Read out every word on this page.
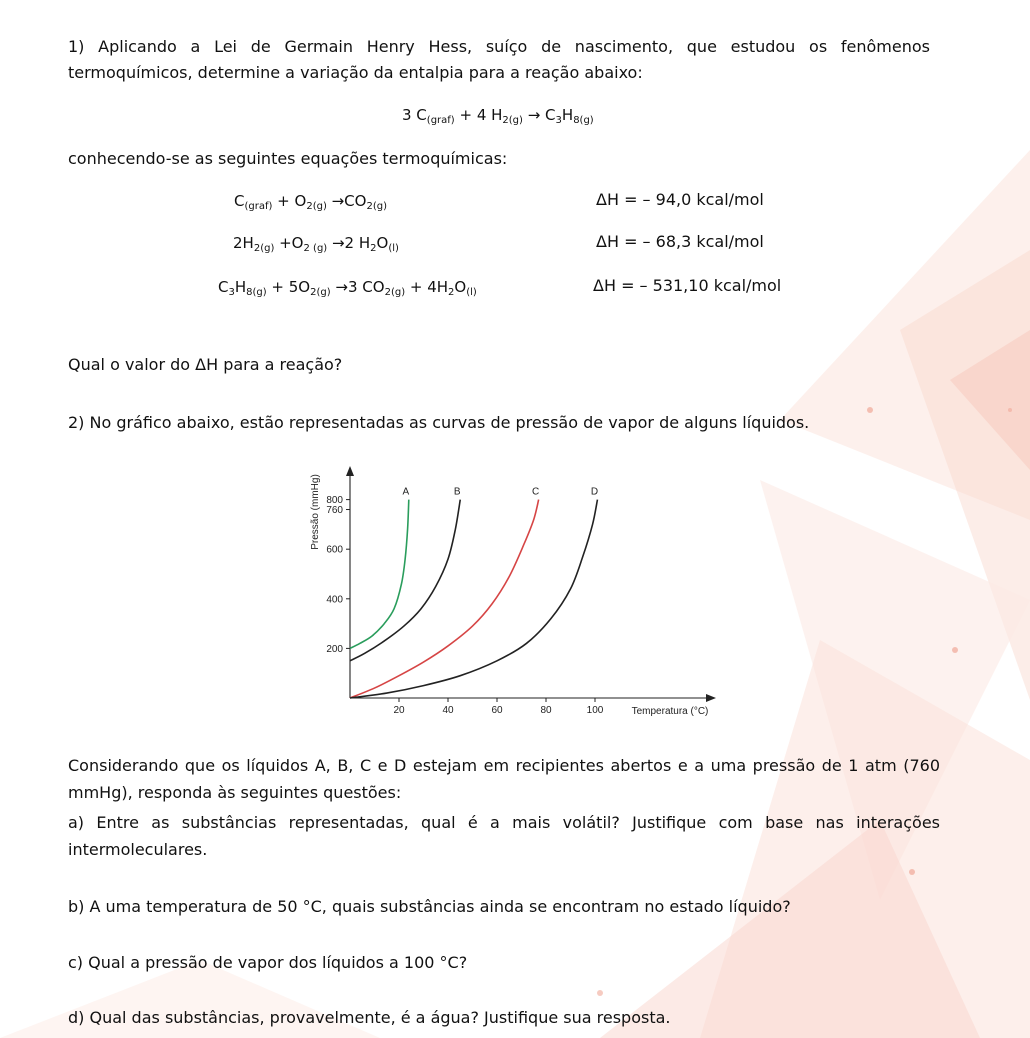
1) Aplicando a Lei de Germain Henry Hess, suíço de nascimento, que estudou os fenômenos
termoquímicos, determine a variação da entalpia para a reação abaixo:
3 $C_{(graf)} + 4$ $H_{2(g)} \to C_3H_{8(g)}$
conhecendo-se as seguintes equações termoquímicas:
$C_{(graf)} + O_{2(g)} \to CO_{2(g)}$	ΔH = – 94,0 kcal/mol
$2H_{2(g)} +O_{2 (g)} \to 2$ $H_2O_{(l)}$	ΔH = – 68,3 kcal/mol
$C_3H_{8(g)} + 5O_{2(g)} \to 3$ $CO_{2(g)} + 4H_2O_{(l)}$	ΔH = – 531,10 kcal/mol
Qual o valor do ΔH para a reação?
2) No gráfico abaixo, estão representadas as curvas de pressão de vapor de alguns líquidos.
20	40	60	80	100
200
400
600
760
800
A	B	C	D
Pressão (mmHg)
Temperatura (°C)
Considerando que os líquidos A, B, C e D estejam em recipientes abertos e a uma pressão de 1 atm (760
mmHg), responda às seguintes questões:
a) Entre as substâncias representadas, qual é a mais volátil? Justifique com base nas interações
intermoleculares.
b) A uma temperatura de 50 °C, quais substâncias ainda se encontram no estado líquido?
c) Qual a pressão de vapor dos líquidos a 100 °C?
d) Qual das substâncias, provavelmente, é a água? Justifique sua resposta.
